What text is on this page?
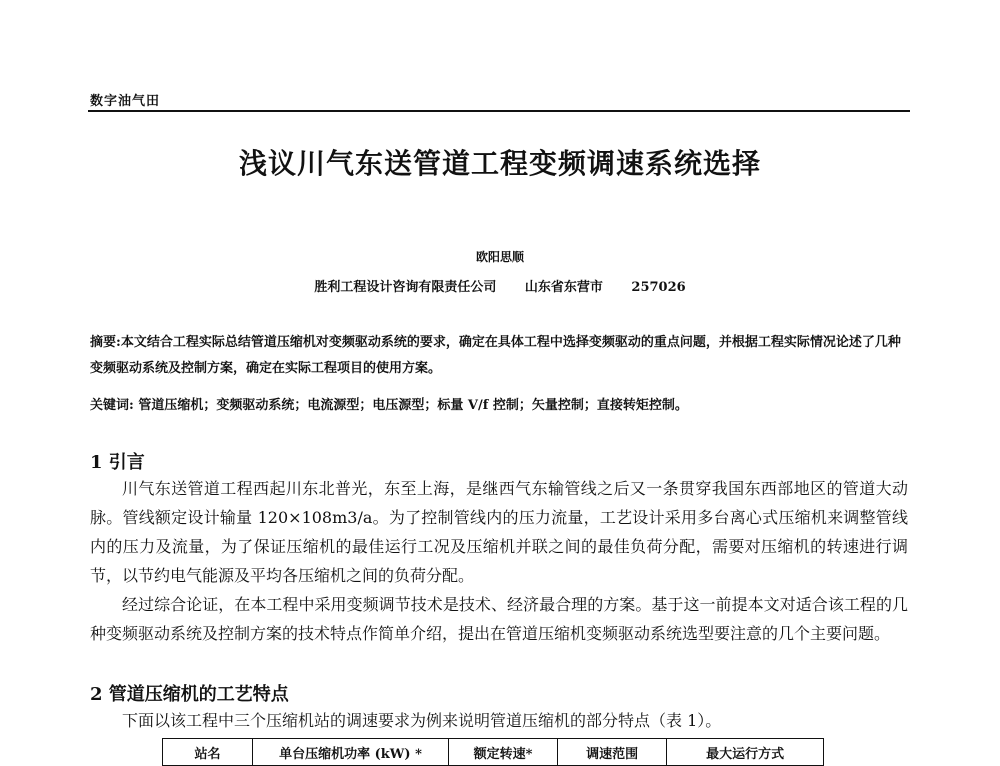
数字油气田
浅议川气东送管道工程变频调速系统选择
欧阳思顺
胜利工程设计咨询有限责任公司 山东省东营市 257026
摘要:本文结合工程实际总结管道压缩机对变频驱动系统的要求，确定在具体工程中选择变频驱动的重点问题，并根据工程实际情况论述了几种变频驱动系统及控制方案，确定在实际工程项目的使用方案。
关键词: 管道压缩机；变频驱动系统；电流源型；电压源型；标量 V/f 控制；矢量控制；直接转矩控制。
1 引言
川气东送管道工程西起川东北普光，东至上海，是继西气东输管线之后又一条贯穿我国东西部地区的管道大动脉。管线额定设计输量 120×108m3/a。为了控制管线内的压力流量，工艺设计采用多台离心式压缩机来调整管线内的压力及流量，为了保证压缩机的最佳运行工况及压缩机并联之间的最佳负荷分配，需要对压缩机的转速进行调节，以节约电气能源及平均各压缩机之间的负荷分配。
经过综合论证，在本工程中采用变频调节技术是技术、经济最合理的方案。基于这一前提本文对适合该工程的几种变频驱动系统及控制方案的技术特点作简单介绍，提出在管道压缩机变频驱动系统选型要注意的几个主要问题。
2 管道压缩机的工艺特点
下面以该工程中三个压缩机站的调速要求为例来说明管道压缩机的部分特点（表 1）。
站名	单台压缩机功率 (kW) *	额定转速*	调速范围	最大运行方式
